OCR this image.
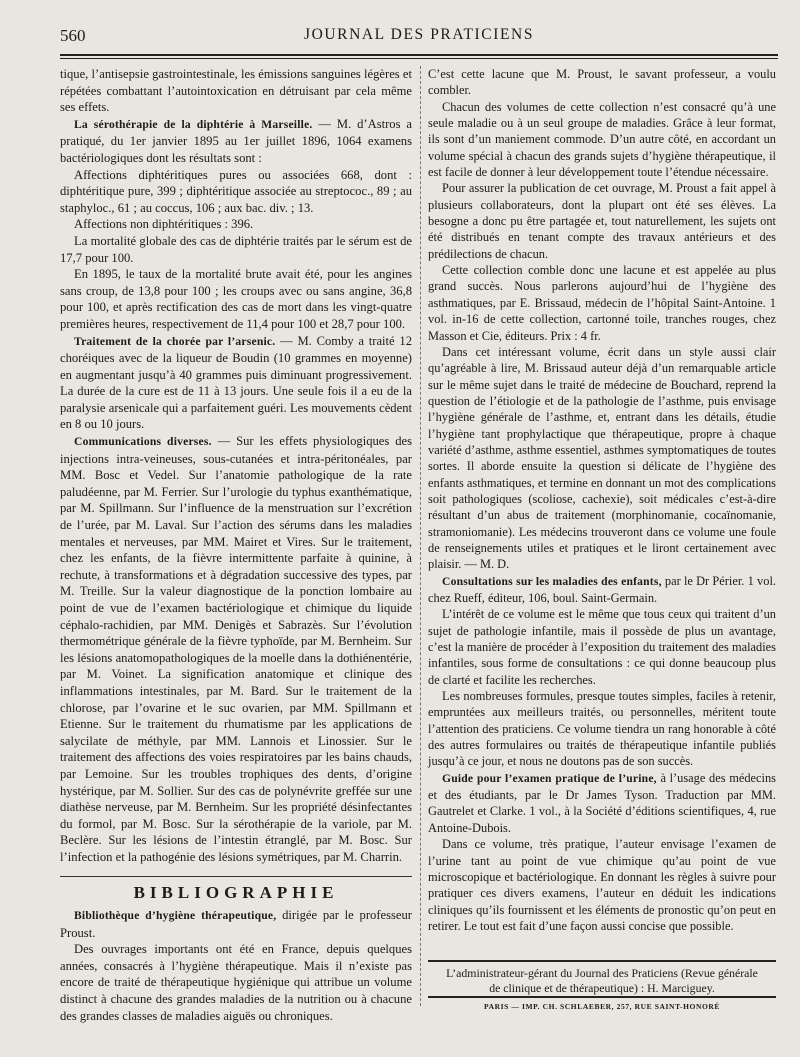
560	JOURNAL DES PRATICIENS

tique, l’antisepsie gastrointestinale, les émissions sanguines légères et répétées combattant l’autointoxication en détruisant par cela même ses effets.

La sérothérapie de la diphtérie à Marseille. — M. d’Astros a pratiqué, du 1er janvier 1895 au 1er juillet 1896, 1064 examens bactériologiques dont les résultats sont :

Affections diphtéritiques pures ou associées 668, dont : diphtéritique pure, 399 ; diphtéritique associée au streptococ., 89 ; au staphyloc., 61 ; au coccus, 106 ; aux bac. div. ; 13.

Affections non diphtéritiques : 396.

La mortalité globale des cas de diphtérie traités par le sérum est de 17,7 pour 100.

En 1895, le taux de la mortalité brute avait été, pour les angines sans croup, de 13,8 pour 100 ; les croups avec ou sans angine, 36,8 pour 100, et après rectification des cas de mort dans les vingt-quatre premières heures, respectivement de 11,4 pour 100 et 28,7 pour 100.

Traitement de la chorée par l’arsenic. — M. Comby a traité 12 choréiques avec de la liqueur de Boudin (10 grammes en moyenne) en augmentant jusqu’à 40 grammes puis diminuant progressivement. La durée de la cure est de 11 à 13 jours. Une seule fois il a eu de la paralysie arsenicale qui a parfaitement guéri. Les mouvements cèdent en 8 ou 10 jours.

Communications diverses. — Sur les effets physiologiques des injections intra-veineuses, sous-cutanées et intra-péritonéales, par MM. Bosc et Vedel. Sur l’anatomie pathologique de la rate paludéenne, par M. Ferrier. Sur l’urologie du typhus exanthématique, par M. Spillmann. Sur l’influence de la menstruation sur l’excrétion de l’urée, par M. Laval. Sur l’action des sérums dans les maladies mentales et nerveuses, par MM. Mairet et Vires. Sur le traitement, chez les enfants, de la fièvre intermittente parfaite à quinine, à rechute, à transformations et à dégradation successive des types, par M. Treille. Sur la valeur diagnostique de la ponction lombaire au point de vue de l’examen bactériologique et chimique du liquide céphalo-rachidien, par MM. Denigès et Sabrazès. Sur l’évolution thermométrique générale de la fièvre typhoïde, par M. Bernheim. Sur les lésions anatomopathologiques de la moelle dans la dothiénentérie, par M. Voinet. La signification anatomique et clinique des inflammations intestinales, par M. Bard. Sur le traitement de la chlorose, par l’ovarine et le suc ovarien, par MM. Spillmann et Etienne. Sur le traitement du rhumatisme par les applications de salycilate de méthyle, par MM. Lannois et Linossier. Sur le traitement des affections des voies respiratoires par les bains chauds, par Lemoine. Sur les troubles trophiques des dents, d’origine hystérique, par M. Sollier. Sur des cas de polynévrite greffée sur une diathèse nerveuse, par M. Bernheim. Sur les propriété désinfectantes du formol, par M. Bosc. Sur la sérothérapie de la variole, par M. Beclère. Sur les lésions de l’intestin étranglé, par M. Bosc. Sur l’infection et la pathogénie des lésions symétriques, par M. Charrin.

BIBLIOGRAPHIE

Bibliothèque d’hygiène thérapeutique, dirigée par le professeur Proust.

Des ouvrages importants ont été en France, depuis quelques années, consacrés à l’hygiène thérapeutique. Mais il n’existe pas encore de traité de thérapeutique hygiénique qui attribue un volume distinct à chacune des grandes maladies de la nutrition ou à chacune des grandes classes de maladies aiguës ou chroniques.

C’est cette lacune que M. Proust, le savant professeur, a voulu combler.

Chacun des volumes de cette collection n’est consacré qu’à une seule maladie ou à un seul groupe de maladies. Grâce à leur format, ils sont d’un maniement commode. D’un autre côté, en accordant un volume spécial à chacun des grands sujets d’hygiène thérapeutique, il est facile de donner à leur développement toute l’étendue nécessaire.

Pour assurer la publication de cet ouvrage, M. Proust a fait appel à plusieurs collaborateurs, dont la plupart ont été ses élèves. La besogne a donc pu être partagée et, tout naturellement, les sujets ont été distribués en tenant compte des travaux antérieurs et des prédilections de chacun.

Cette collection comble donc une lacune et est appelée au plus grand succès. Nous parlerons aujourd’hui de l’hygiène des asthmatiques, par E. Brissaud, médecin de l’hôpital Saint-Antoine. 1 vol. in-16 de cette collection, cartonné toile, tranches rouges, chez Masson et Cie, éditeurs. Prix : 4 fr.

Dans cet intéressant volume, écrit dans un style aussi clair qu’agréable à lire, M. Brissaud auteur déjà d’un remarquable article sur le même sujet dans le traité de médecine de Bouchard, reprend la question de l’étiologie et de la pathologie de l’asthme, puis envisage l’hygiène générale de l’asthme, et, entrant dans les détails, étudie l’hygiène tant prophylactique que thérapeutique, propre à chaque variété d’asthme, asthme essentiel, asthmes symptomatiques de toutes sortes. Il aborde ensuite la question si délicate de l’hygiène des enfants asthmatiques, et termine en donnant un mot des complications soit pathologiques (scoliose, cachexie), soit médicales c’est-à-dire résultant d’un abus de traitement (morphinomanie, cocaïnomanie, stramoniomanie). Les médecins trouveront dans ce volume une foule de renseignements utiles et pratiques et le liront certainement avec plaisir. — M. D.

Consultations sur les maladies des enfants, par le Dr Périer. 1 vol. chez Rueff, éditeur, 106, boul. Saint-Germain.

L’intérêt de ce volume est le même que tous ceux qui traitent d’un sujet de pathologie infantile, mais il possède de plus un avantage, c’est la manière de procéder à l’exposition du traitement des maladies infantiles, sous forme de consultations : ce qui donne beaucoup plus de clarté et facilite les recherches.

Les nombreuses formules, presque toutes simples, faciles à retenir, empruntées aux meilleurs traités, ou personnelles, méritent toute l’attention des praticiens. Ce volume tiendra un rang honorable à côté des autres formulaires ou traités de thérapeutique infantile publiés jusqu’à ce jour, et nous ne doutons pas de son succès.

Guide pour l’examen pratique de l’urine, à l’usage des médecins et des étudiants, par le Dr James Tyson. Traduction par MM. Gautrelet et Clarke. 1 vol., à la Société d’éditions scientifiques, 4, rue Antoine-Dubois.

Dans ce volume, très pratique, l’auteur envisage l’examen de l’urine tant au point de vue chimique qu’au point de vue microscopique et bactériologique. En donnant les règles à suivre pour pratiquer ces divers examens, l’auteur en déduit les indications cliniques qu’ils fournissent et les éléments de pronostic qu’on peut en retirer. Le tout est fait d’une façon aussi concise que possible.

L’administrateur-gérant du Journal des Praticiens (Revue générale
de clinique et de thérapeutique) : H. Marciguey.
PARIS — IMP. CH. SCHLAEBER, 257, RUE SAINT-HONORÉ
